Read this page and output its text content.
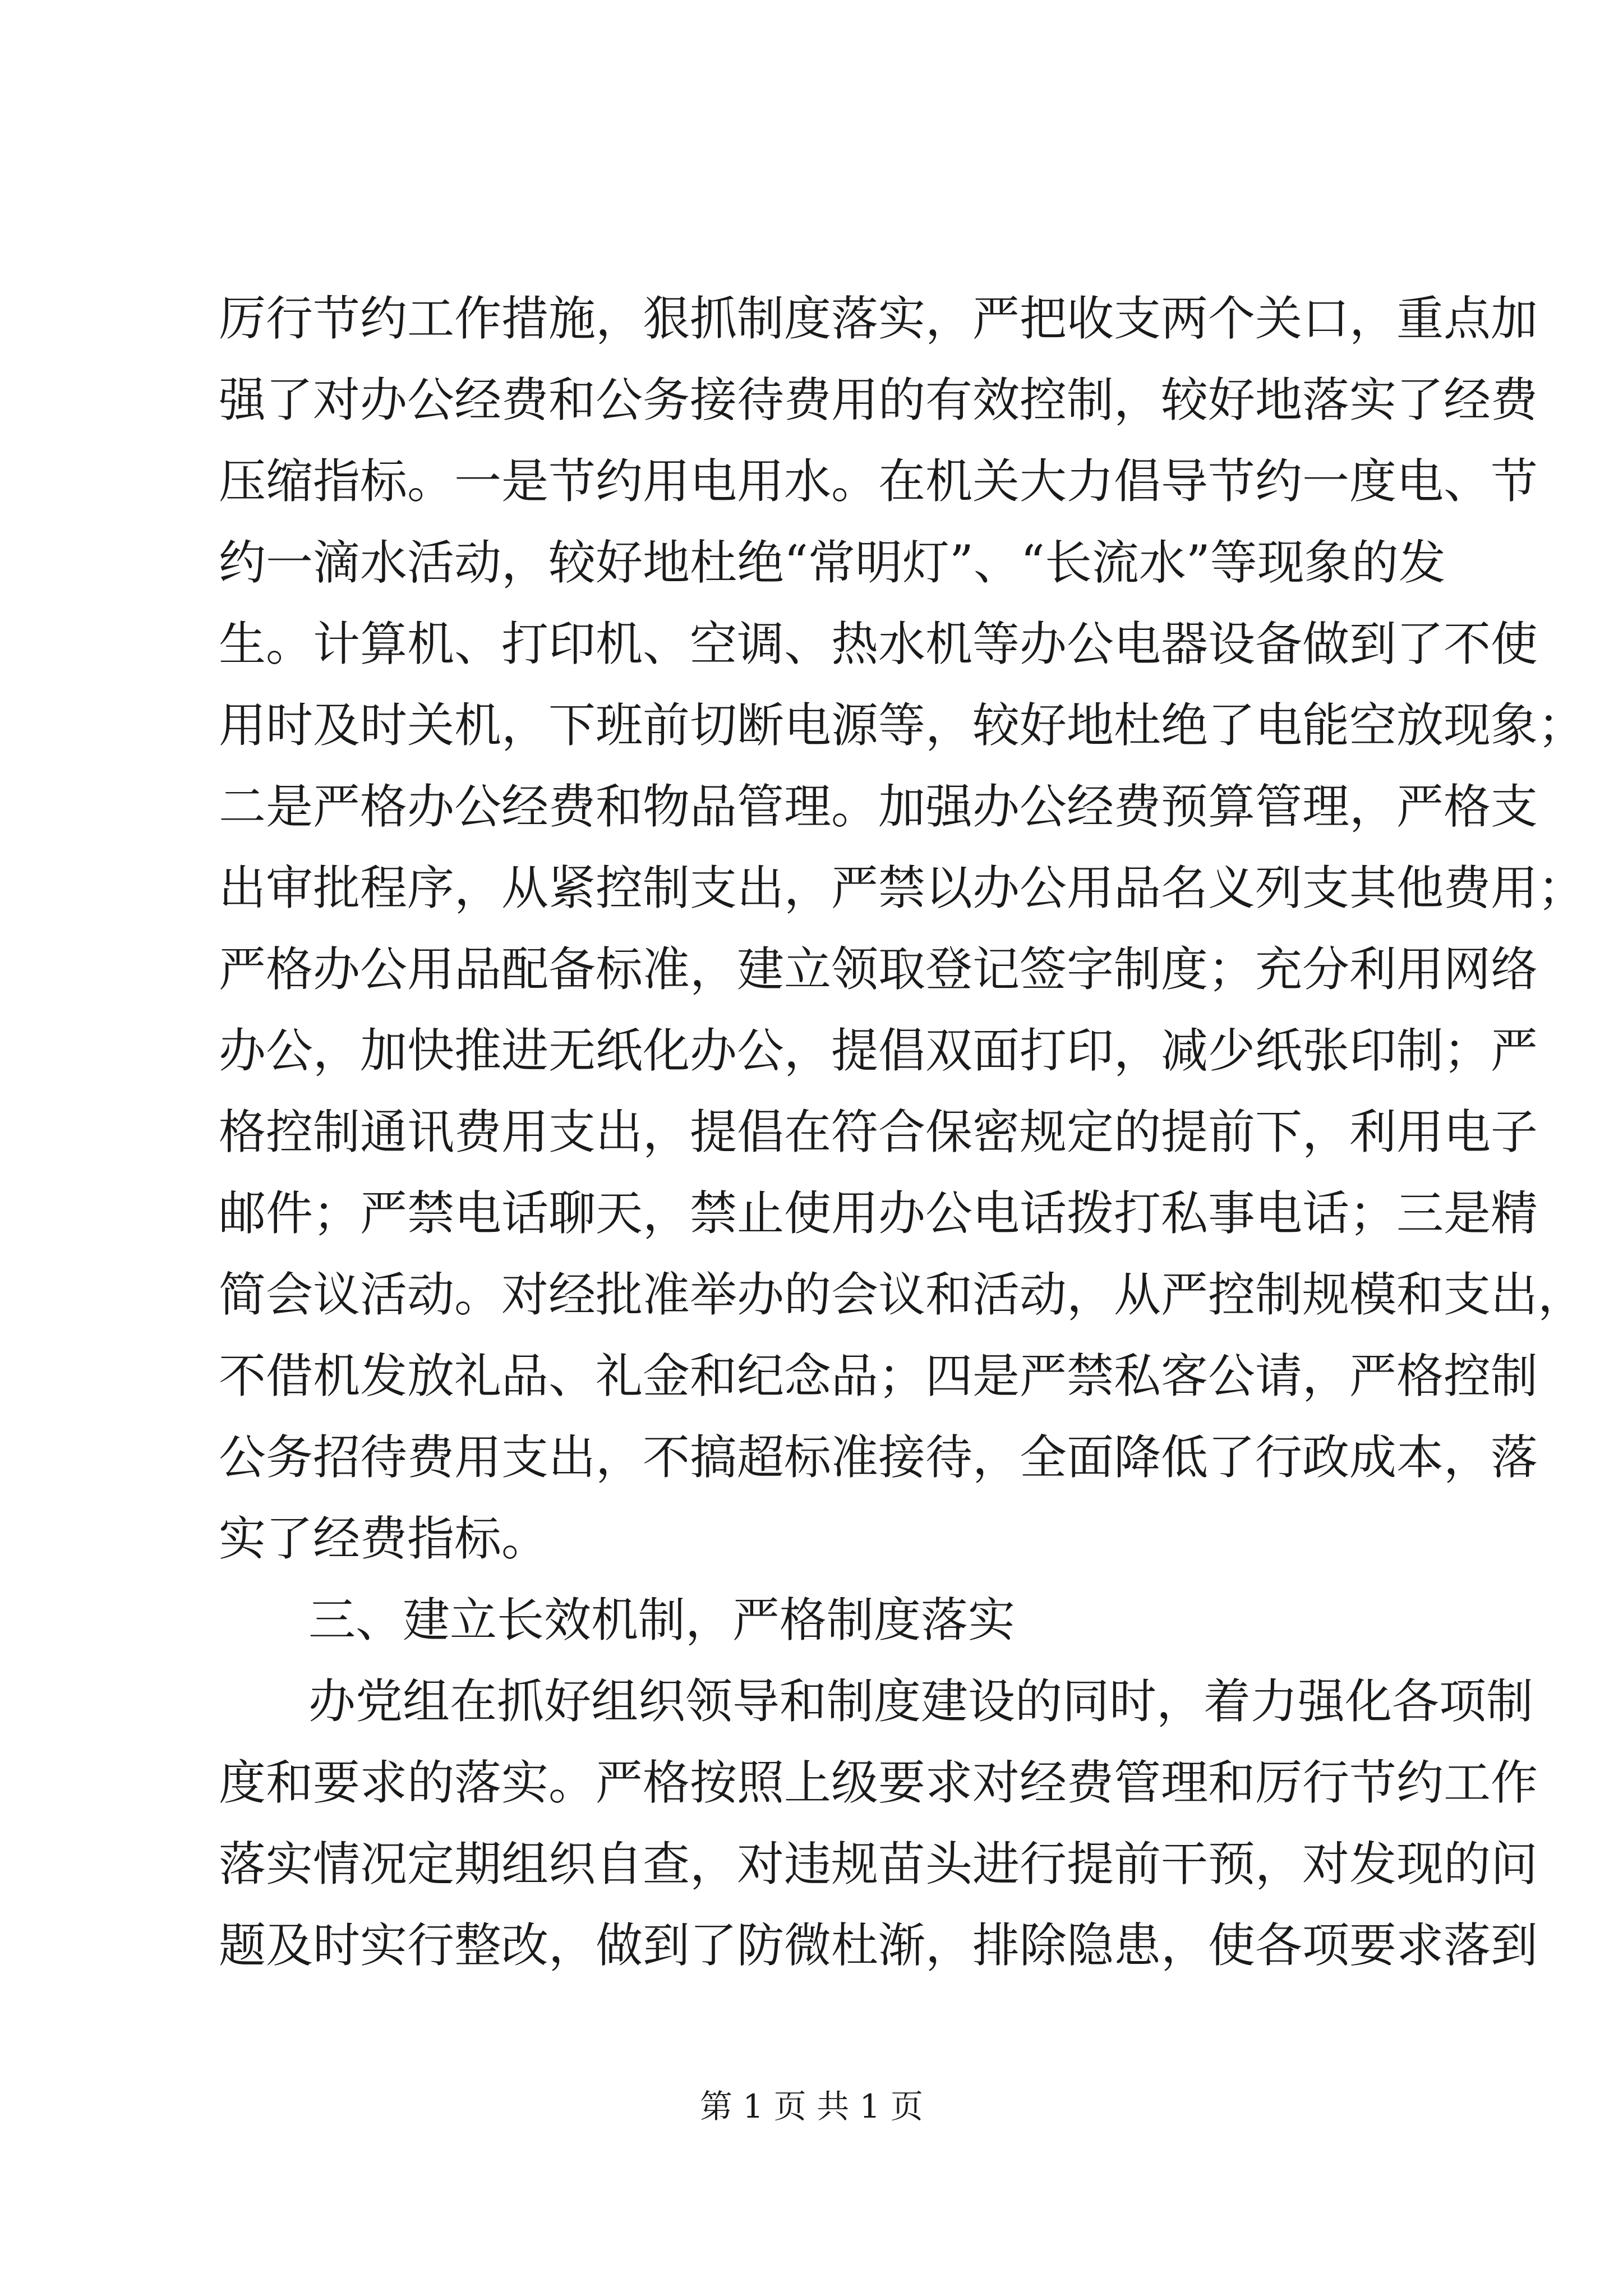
厉行节约工作措施，狠抓制度落实，严把收支两个关口，重点加
强了对办公经费和公务接待费用的有效控制，较好地落实了经费
压缩指标。一是节约用电用水。在机关大力倡导节约一度电、节
约一滴水活动，较好地杜绝“常明灯”、“长流水”等现象的发
生。计算机、打印机、空调、热水机等办公电器设备做到了不使
用时及时关机，下班前切断电源等，较好地杜绝了电能空放现象；
二是严格办公经费和物品管理。加强办公经费预算管理，严格支
出审批程序，从紧控制支出，严禁以办公用品名义列支其他费用；
严格办公用品配备标准，建立领取登记签字制度；充分利用网络
办公，加快推进无纸化办公，提倡双面打印，减少纸张印制；严
格控制通讯费用支出，提倡在符合保密规定的提前下，利用电子
邮件；严禁电话聊天，禁止使用办公电话拨打私事电话；三是精
简会议活动。对经批准举办的会议和活动，从严控制规模和支出，
不借机发放礼品、礼金和纪念品；四是严禁私客公请，严格控制
公务招待费用支出，不搞超标准接待，全面降低了行政成本，落
实了经费指标。
三、建立长效机制，严格制度落实
办党组在抓好组织领导和制度建设的同时，着力强化各项制
度和要求的落实。严格按照上级要求对经费管理和厉行节约工作
落实情况定期组织自查，对违规苗头进行提前干预，对发现的问
题及时实行整改，做到了防微杜渐，排除隐患，使各项要求落到
第 1 页 共 1 页
